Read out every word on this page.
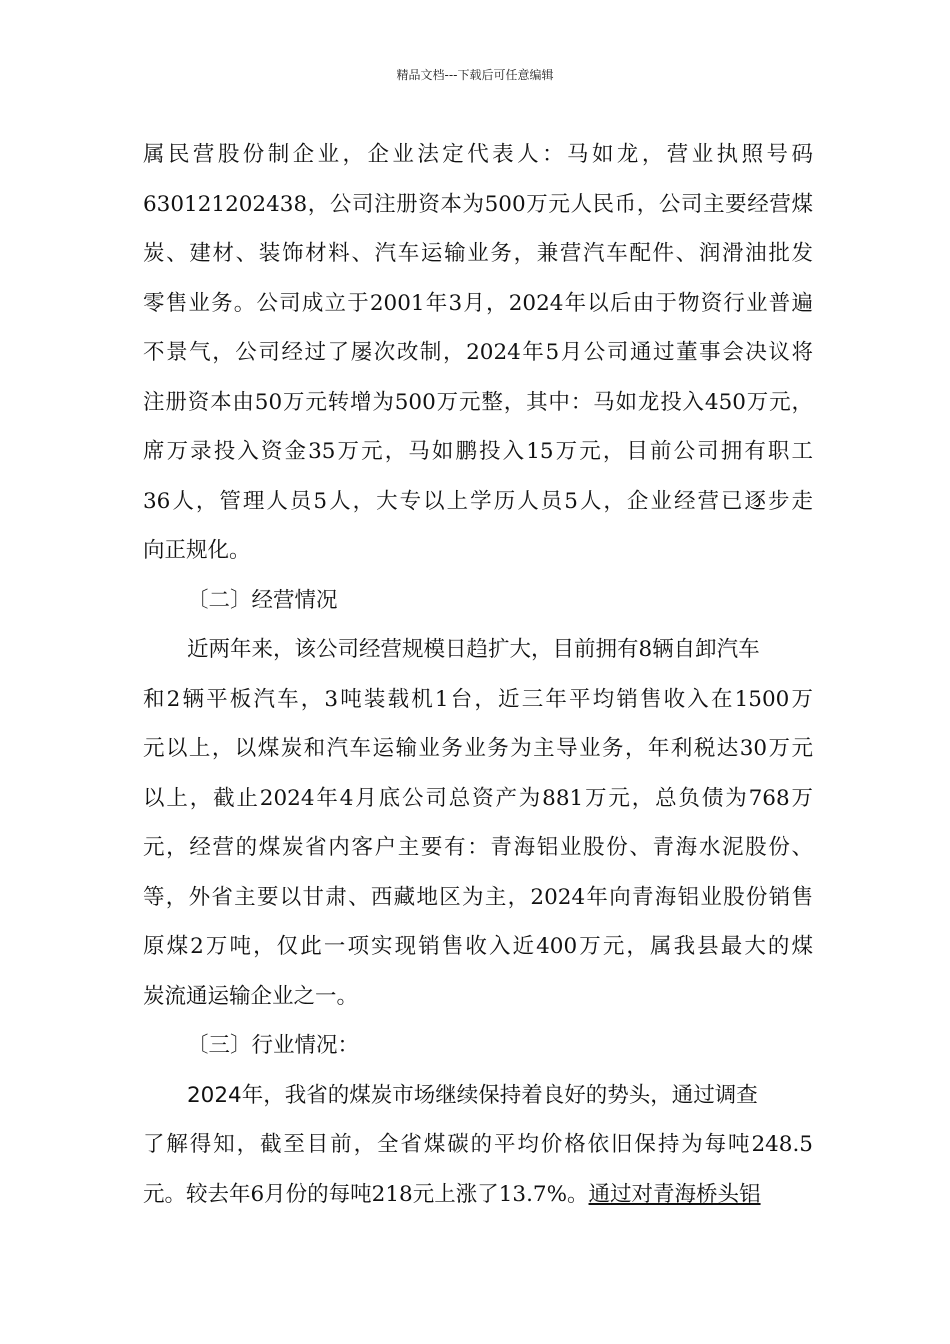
精品文档---下载后可任意编辑
属民营股份制企业，企业法定代表人：马如龙，营业执照号码
630121202438，公司注册资本为500万元人民币，公司主要经营煤
炭、建材、装饰材料、汽车运输业务，兼营汽车配件、润滑油批发
零售业务。公司成立于2001年3月，2024年以后由于物资行业普遍
不景气，公司经过了屡次改制，2024年5月公司通过董事会决议将
注册资本由50万元转增为500万元整，其中：马如龙投入450万元，
席万录投入资金35万元，马如鹏投入15万元，目前公司拥有职工
36人，管理人员5人，大专以上学历人员5人，企业经营已逐步走
向正规化。
〔二〕经营情况
近两年来，该公司经营规模日趋扩大，目前拥有8辆自卸汽车
和2辆平板汽车，3吨装载机1台，近三年平均销售收入在1500万
元以上，以煤炭和汽车运输业务业务为主导业务，年利税达30万元
以上，截止2024年4月底公司总资产为881万元，总负债为768万
元，经营的煤炭省内客户主要有：青海铝业股份、青海水泥股份、
等，外省主要以甘肃、西藏地区为主，2024年向青海铝业股份销售
原煤2万吨，仅此一项实现销售收入近400万元，属我县最大的煤
炭流通运输企业之一。
〔三〕行业情况：
2024年，我省的煤炭市场继续保持着良好的势头，通过调查
了解得知，截至目前，全省煤碳的平均价格依旧保持为每吨248.5
元。较去年6月份的每吨218元上涨了13.7%。通过对青海桥头铝
